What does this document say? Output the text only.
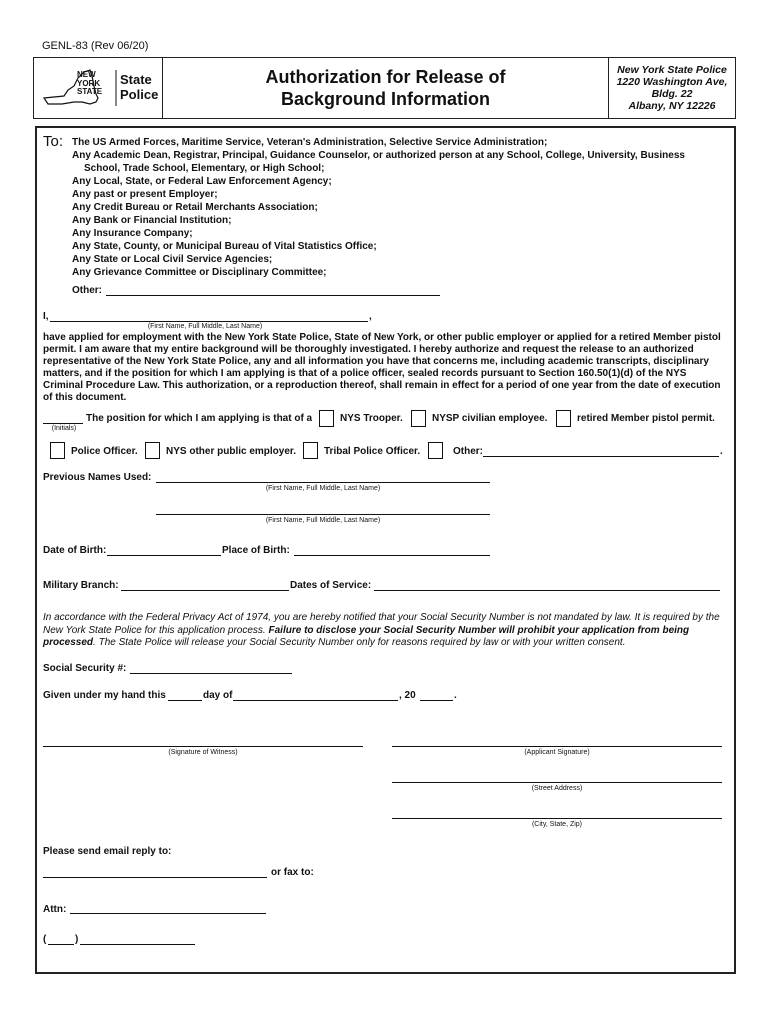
GENL-83 (Rev 06/20)
NEW
YORK
STATE
State
Police
Authorization for Release of
Background Information
New York State Police
1220 Washington Ave,
Bldg. 22
Albany, NY 12226
To: The US Armed Forces, Maritime Service, Veteran's Administration, Selective Service Administration;
Any Academic Dean, Registrar, Principal, Guidance Counselor, or authorized person at any School, College, University, Business
School, Trade School, Elementary, or High School;
Any Local, State, or Federal Law Enforcement Agency;
Any past or present Employer;
Any Credit Bureau or Retail Merchants Association;
Any Bank or Financial Institution;
Any Insurance Company;
Any State, County, or Municipal Bureau of Vital Statistics Office;
Any State or Local Civil Service Agencies;
Any Grievance Committee or Disciplinary Committee;
Other:
I,	,
(First Name, Full Middle, Last Name)
have applied for employment with the New York State Police, State of New York, or other public employer or applied for a retired Member pistol permit. I am aware that my entire background will be thoroughly investigated. I hereby authorize and request the release to an authorized representative of the New York State Police, any and all information you have that concerns me, including academic transcripts, disciplinary matters, and if the position for which I am applying is that of a police officer, sealed records pursuant to Section 160.50(1)(d) of the NYS Criminal Procedure Law. This authorization, or a reproduction thereof, shall remain in effect for a period of one year from the date of execution of this document.
(Initials)
The position for which I am applying is that of a	NYS Trooper.	NYSP civilian employee.	retired Member pistol permit.
Police Officer.	NYS other public employer.	Tribal Police Officer.	Other:	.
Previous Names Used:
(First Name, Full Middle, Last Name)
(First Name, Full Middle, Last Name)
Date of Birth:	Place of Birth:
Military Branch:	Dates of Service:
In accordance with the Federal Privacy Act of 1974, you are hereby notified that your Social Security Number is not mandated by law. It is required by the New York State Police for this application process. Failure to disclose your Social Security Number will prohibit your application from being processed. The State Police will release your Social Security Number only for reasons required by law or with your written consent.
Social Security #:
Given under my hand this	day of	, 20	.
(Signature of Witness)	(Applicant Signature)
(Street Address)
(City, State, Zip)
Please send email reply to:
or fax to:
Attn:
(	)
